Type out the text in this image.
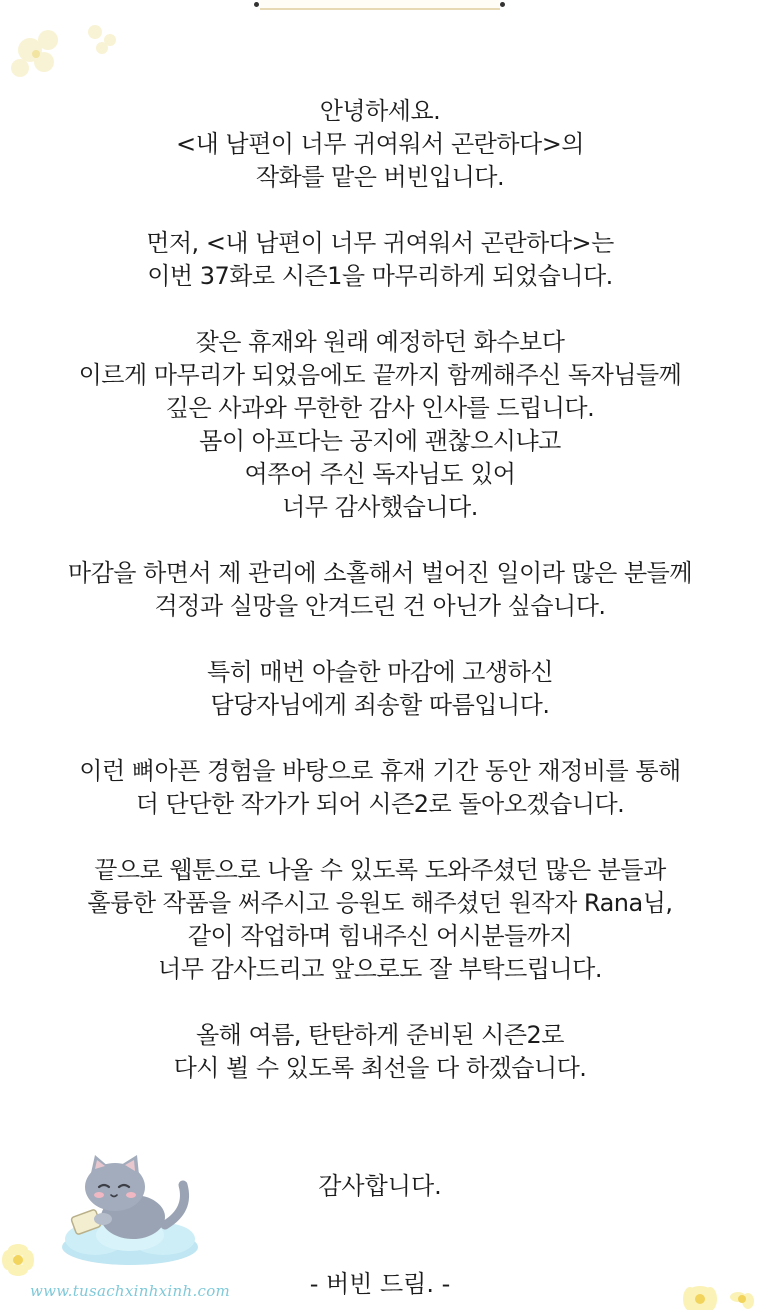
안녕하세요.
<내 남편이 너무 귀여워서 곤란하다>의
작화를 맡은 버빈입니다.
먼저, <내 남편이 너무 귀여워서 곤란하다>는
이번 37화로 시즌1을 마무리하게 되었습니다.
잦은 휴재와 원래 예정하던 화수보다
이르게 마무리가 되었음에도 끝까지 함께해주신 독자님들께
깊은 사과와 무한한 감사 인사를 드립니다.
몸이 아프다는 공지에 괜찮으시냐고
여쭈어 주신 독자님도 있어
너무 감사했습니다.
마감을 하면서 제 관리에 소홀해서 벌어진 일이라 많은 분들께
걱정과 실망을 안겨드린 건 아닌가 싶습니다.
특히 매번 아슬한 마감에 고생하신
담당자님에게 죄송할 따름입니다.
이런 뼈아픈 경험을 바탕으로 휴재 기간 동안 재정비를 통해
더 단단한 작가가 되어 시즌2로 돌아오겠습니다.
끝으로 웹툰으로 나올 수 있도록 도와주셨던 많은 분들과
훌륭한 작품을 써주시고 응원도 해주셨던 원작자 Rana님,
같이 작업하며 힘내주신 어시분들까지
너무 감사드리고 앞으로도 잘 부탁드립니다.
올해 여름, 탄탄하게 준비된 시즌2로
다시 뵐 수 있도록 최선을 다 하겠습니다.
감사합니다.
- 버빈 드림. -
www.tusachxinhxinh.com
